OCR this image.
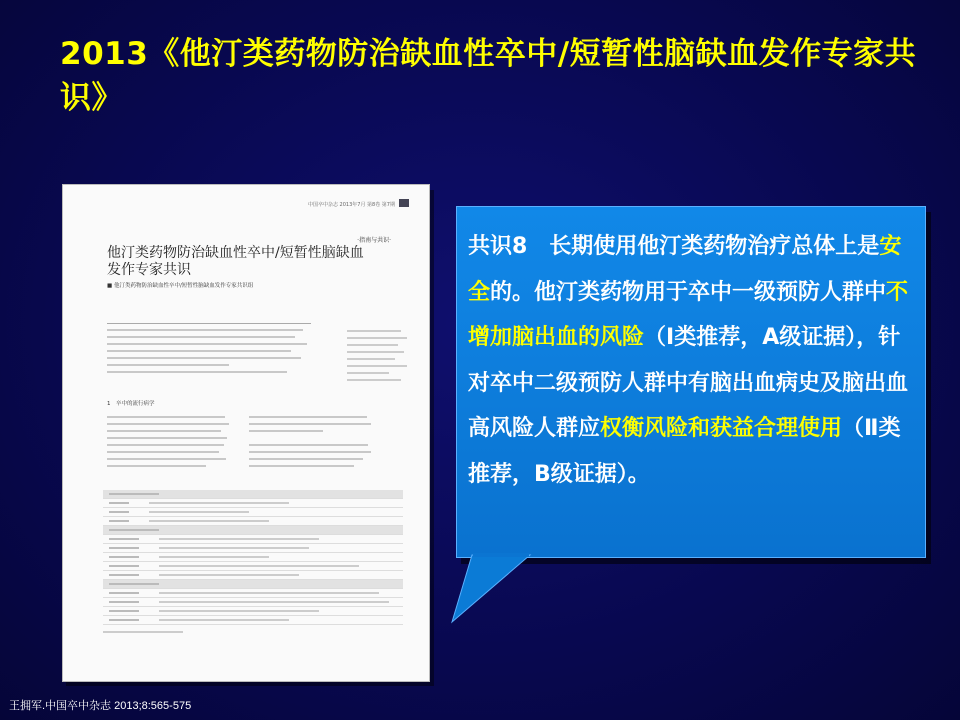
2013《他汀类药物防治缺血性卒中/短暂性脑缺血发作专家共识》
中国卒中杂志 2013年7月 第8卷 第7期
·指南与共识·
他汀类药物防治缺血性卒中/短暂性脑缺血发作专家共识
■ 他汀类药物防治缺血性卒中/短暂性脑缺血发作专家共识组
1　卒中的流行病学
共识8　长期使用他汀类药物治疗总体上是安全的。他汀类药物用于卒中一级预防人群中不增加脑出血的风险（Ⅰ类推荐，A级证据），针对卒中二级预防人群中有脑出血病史及脑出血高风险人群应权衡风险和获益合理使用（Ⅱ类推荐，B级证据）。
王拥军.中国卒中杂志 2013;8:565-575
